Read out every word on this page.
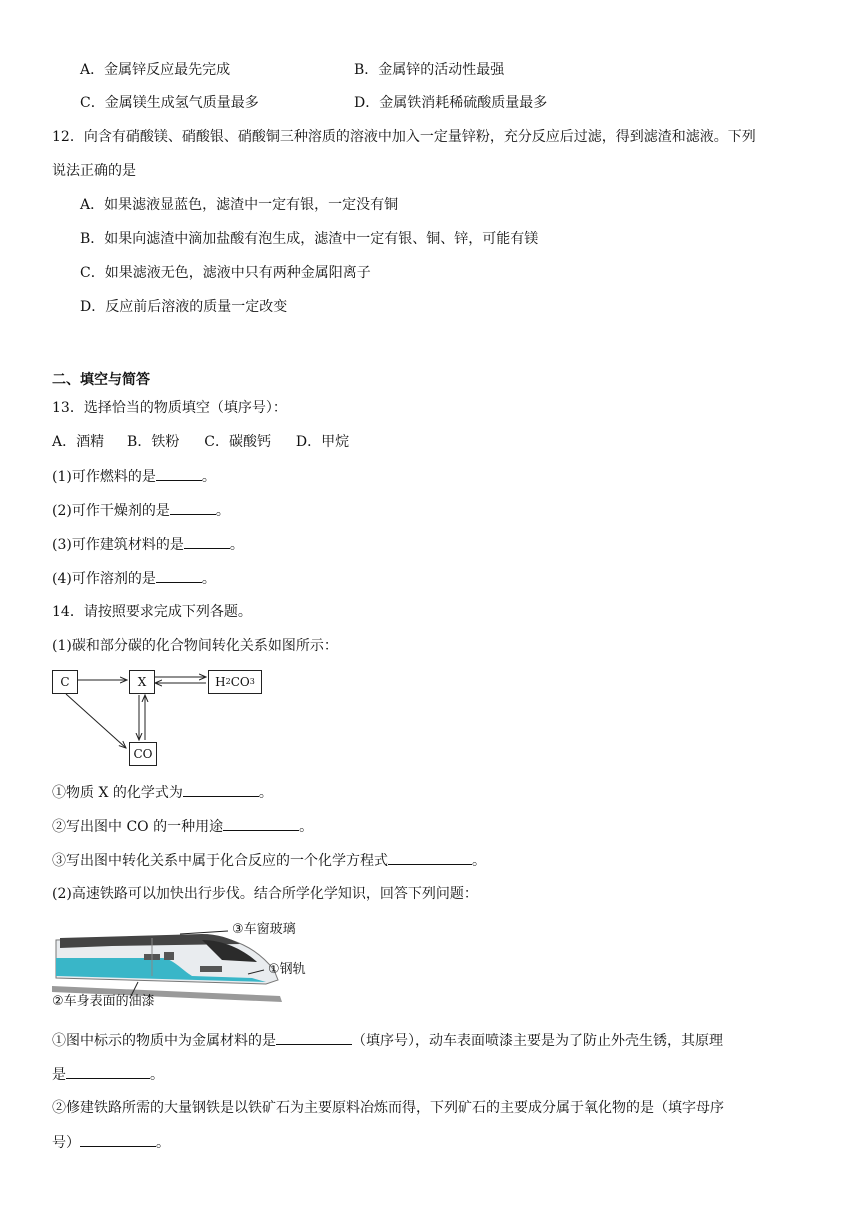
A．金属锌反应最先完成	B．金属锌的活动性最强
C．金属镁生成氢气质量最多	D．金属铁消耗稀硫酸质量最多
12．向含有硝酸镁、硝酸银、硝酸铜三种溶质的溶液中加入一定量锌粉，充分反应后过滤，得到滤渣和滤液。下列
说法正确的是
A．如果滤液显蓝色，滤渣中一定有银，一定没有铜
B．如果向滤渣中滴加盐酸有泡生成，滤渣中一定有银、铜、锌，可能有镁
C．如果滤液无色，滤液中只有两种金属阳离子
D．反应前后溶液的质量一定改变
二、填空与简答
13．选择恰当的物质填空（填序号）：
A．酒精 B．铁粉 C．碳酸钙 D．甲烷
(1)可作燃料的是	。
(2)可作干燥剂的是	。
(3)可作建筑材料的是	。
(4)可作溶剂的是	。
14．请按照要求完成下列各题。
(1)碳和部分碳的化合物间转化关系如图所示：
C	X	H 2 CO 3
CO
①物质 X 的化学式为	。
②写出图中 CO 的一种用途	。
③写出图中转化关系中属于化合反应的一个化学方程式	。
(2)高速铁路可以加快出行步伐。结合所学化学知识，回答下列问题：
③车窗玻璃
①钢轨
②车身表面的油漆
①图中标示的物质中为金属材料的是	（填序号），动车表面喷漆主要是为了防止外壳生锈，其原理
是	。
②修建铁路所需的大量钢铁是以铁矿石为主要原料冶炼而得，下列矿石的主要成分属于氧化物的是（填字母序
号）	。
